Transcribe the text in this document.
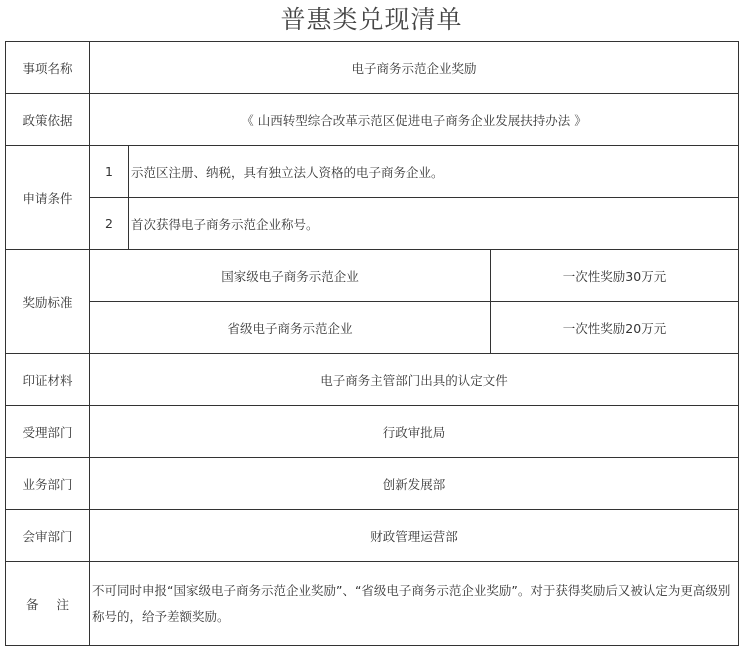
普惠类兑现清单
事项名称	电子商务示范企业奖励		
政策依据	《 山西转型综合改革示范区促进电子商务企业发展扶持办法 》		
申请条件	1	示范区注册、纳税，具有独立法人资格的电子商务企业。	
	2	首次获得电子商务示范企业称号。	
奖励标准	国家级电子商务示范企业		一次性奖励30万元
	省级电子商务示范企业		一次性奖励20万元
印证材料	电子商务主管部门出具的认定文件		
受理部门	行政审批局		
业务部门	创新发展部		
会审部门	财政管理运营部		
备注	不可同时申报“国家级电子商务示范企业奖励”、“省级电子商务示范企业奖励”。对于获得奖励后又被认定为更高级别称号的，给予差额奖励。		
